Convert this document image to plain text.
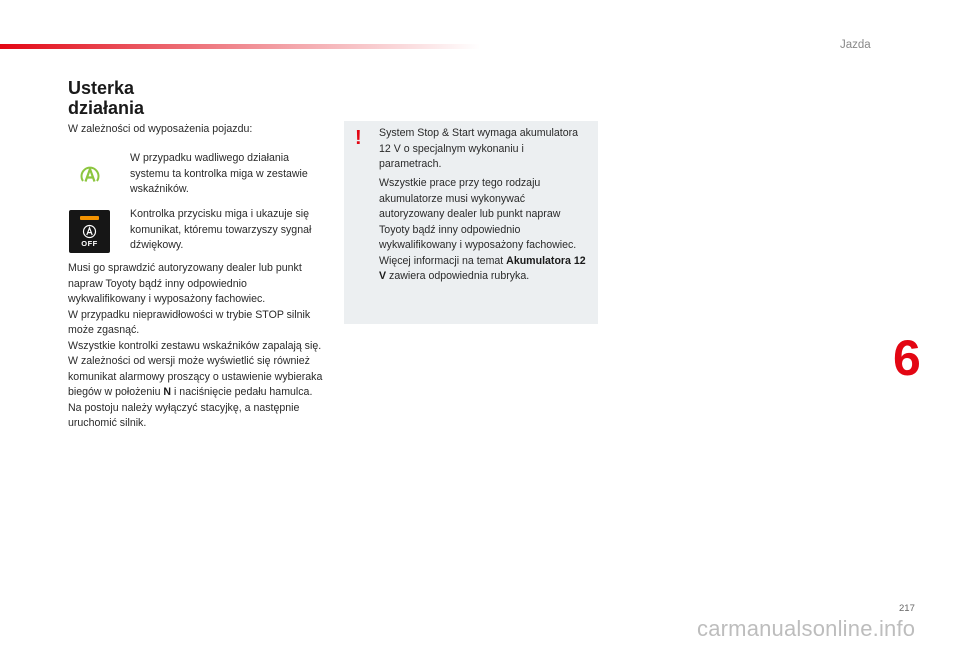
Jazda
Usterka
działania

W zależności od wyposażenia pojazdu:

W przypadku wadliwego działania systemu ta kontrolka miga w zestawie wskaźników.

OFF

Kontrolka przycisku miga i ukazuje się komunikat, któremu towarzyszy sygnał dźwiękowy.

Musi go sprawdzić autoryzowany dealer lub punkt napraw Toyoty bądź inny odpowiednio wykwalifikowany i wyposażony fachowiec.
W przypadku nieprawidłowości w trybie STOP silnik może zgasnąć.
Wszystkie kontrolki zestawu wskaźników zapalają się.
W zależności od wersji może wyświetlić się również komunikat alarmowy proszący o ustawienie wybieraka biegów w położeniu N i naciśnięcie pedału hamulca.
Na postoju należy wyłączyć stacyjkę, a następnie uruchomić silnik.

! System Stop & Start wymaga akumulatora 12 V o specjalnym wykonaniu i parametrach.

Wszystkie prace przy tego rodzaju akumulatorze musi wykonywać autoryzowany dealer lub punkt napraw Toyoty bądź inny odpowiednio wykwalifikowany i wyposażony fachowiec.
Więcej informacji na temat Akumulatora 12 V zawiera odpowiednia rubryka.

6
217
carmanualsonline.info
